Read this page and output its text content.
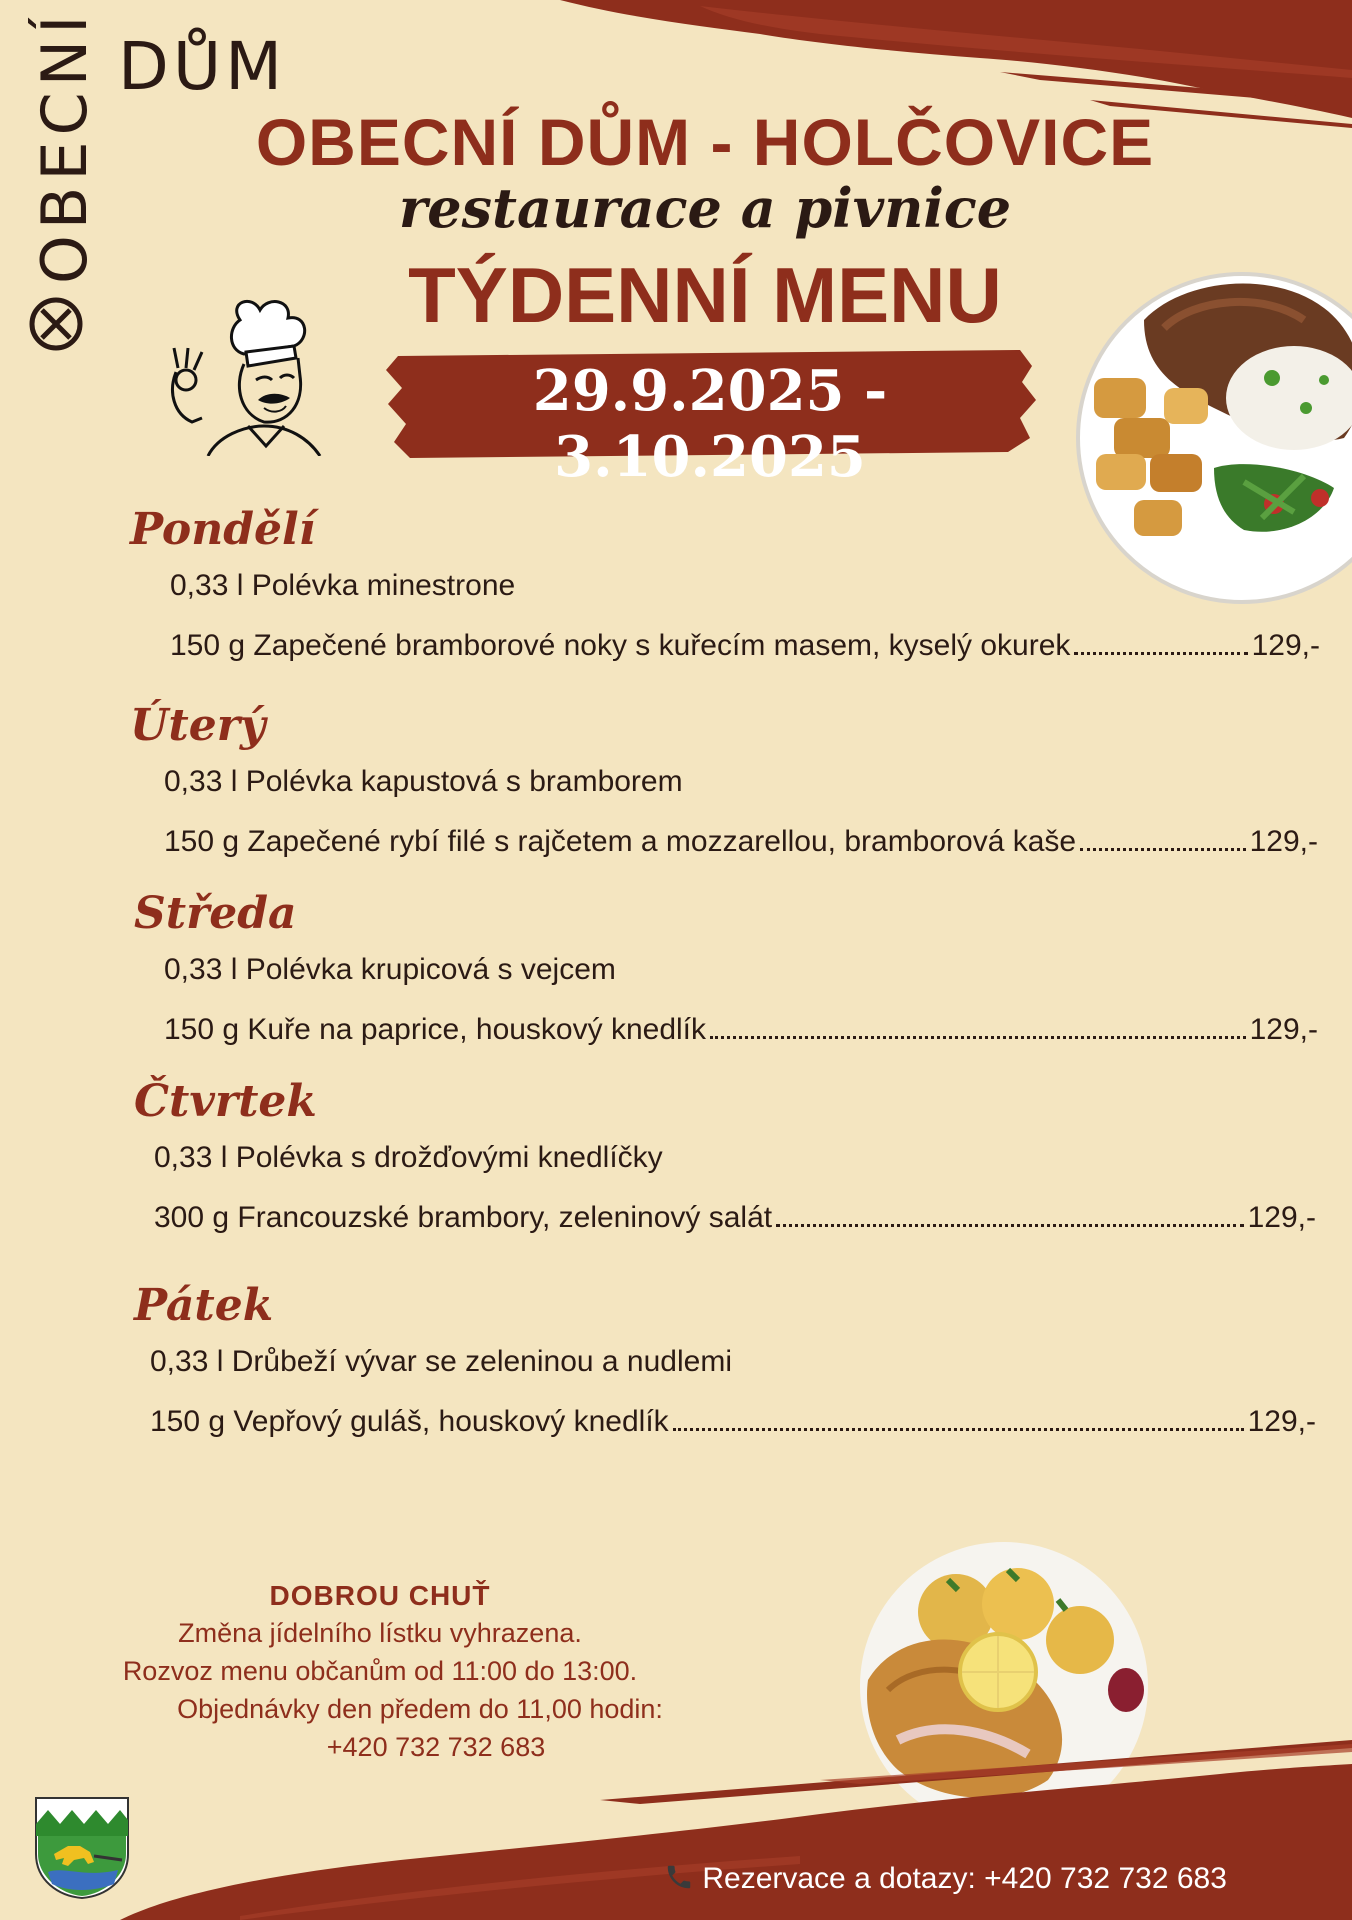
OBECNÍ DŮM
OBECNÍ DŮM - HOLČOVICE
restaurace a pivnice
TÝDENNÍ MENU
29.9.2025 - 3.10.2025
Pondělí
0,33 l Polévka minestrone
150 g Zapečené bramborové noky s kuřecím masem, kyselý okurek	129,-
Úterý
0,33 l Polévka kapustová s bramborem
150 g Zapečené rybí filé s rajčetem a mozzarellou, bramborová kaše	129,-
Středa
0,33 l Polévka krupicová s vejcem
150 g Kuře na paprice, houskový knedlík	129,-
Čtvrtek
0,33 l Polévka s drožďovými knedlíčky
300 g Francouzské brambory, zeleninový salát	129,-
Pátek
0,33 l Drůbeží vývar se zeleninou a nudlemi
150 g Vepřový guláš, houskový knedlík	129,-
DOBROU CHUŤ
Změna jídelního lístku vyhrazena.
Rozvoz menu občanům od 11:00 do 13:00.
Objednávky den předem do 11,00 hodin:
+420 732 732 683
Rezervace a dotazy: +420 732 732 683
